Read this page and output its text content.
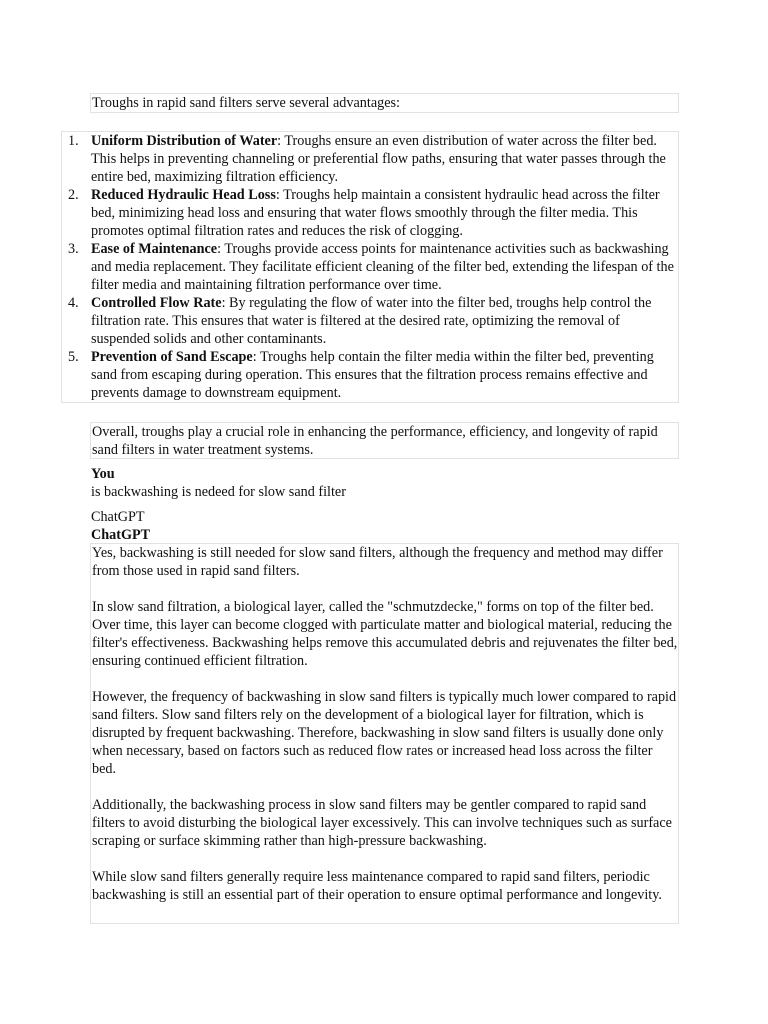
Troughs in rapid sand filters serve several advantages:

1. Uniform Distribution of Water: Troughs ensure an even distribution of water across the filter bed. This helps in preventing channeling or preferential flow paths, ensuring that water passes through the entire bed, maximizing filtration efficiency.
2. Reduced Hydraulic Head Loss: Troughs help maintain a consistent hydraulic head across the filter bed, minimizing head loss and ensuring that water flows smoothly through the filter media. This promotes optimal filtration rates and reduces the risk of clogging.
3. Ease of Maintenance: Troughs provide access points for maintenance activities such as backwashing and media replacement. They facilitate efficient cleaning of the filter bed, extending the lifespan of the filter media and maintaining filtration performance over time.
4. Controlled Flow Rate: By regulating the flow of water into the filter bed, troughs help control the filtration rate. This ensures that water is filtered at the desired rate, optimizing the removal of suspended solids and other contaminants.
5. Prevention of Sand Escape: Troughs help contain the filter media within the filter bed, preventing sand from escaping during operation. This ensures that the filtration process remains effective and prevents damage to downstream equipment.

Overall, troughs play a crucial role in enhancing the performance, efficiency, and longevity of rapid sand filters in water treatment systems.

You
is backwashing is nedeed for slow sand filter
ChatGPT
ChatGPT

Yes, backwashing is still needed for slow sand filters, although the frequency and method may differ from those used in rapid sand filters.

In slow sand filtration, a biological layer, called the "schmutzdecke," forms on top of the filter bed. Over time, this layer can become clogged with particulate matter and biological material, reducing the filter's effectiveness. Backwashing helps remove this accumulated debris and rejuvenates the filter bed, ensuring continued efficient filtration.

However, the frequency of backwashing in slow sand filters is typically much lower compared to rapid sand filters. Slow sand filters rely on the development of a biological layer for filtration, which is disrupted by frequent backwashing. Therefore, backwashing in slow sand filters is usually done only when necessary, based on factors such as reduced flow rates or increased head loss across the filter bed.

Additionally, the backwashing process in slow sand filters may be gentler compared to rapid sand filters to avoid disturbing the biological layer excessively. This can involve techniques such as surface scraping or surface skimming rather than high-pressure backwashing.

While slow sand filters generally require less maintenance compared to rapid sand filters, periodic backwashing is still an essential part of their operation to ensure optimal performance and longevity.
